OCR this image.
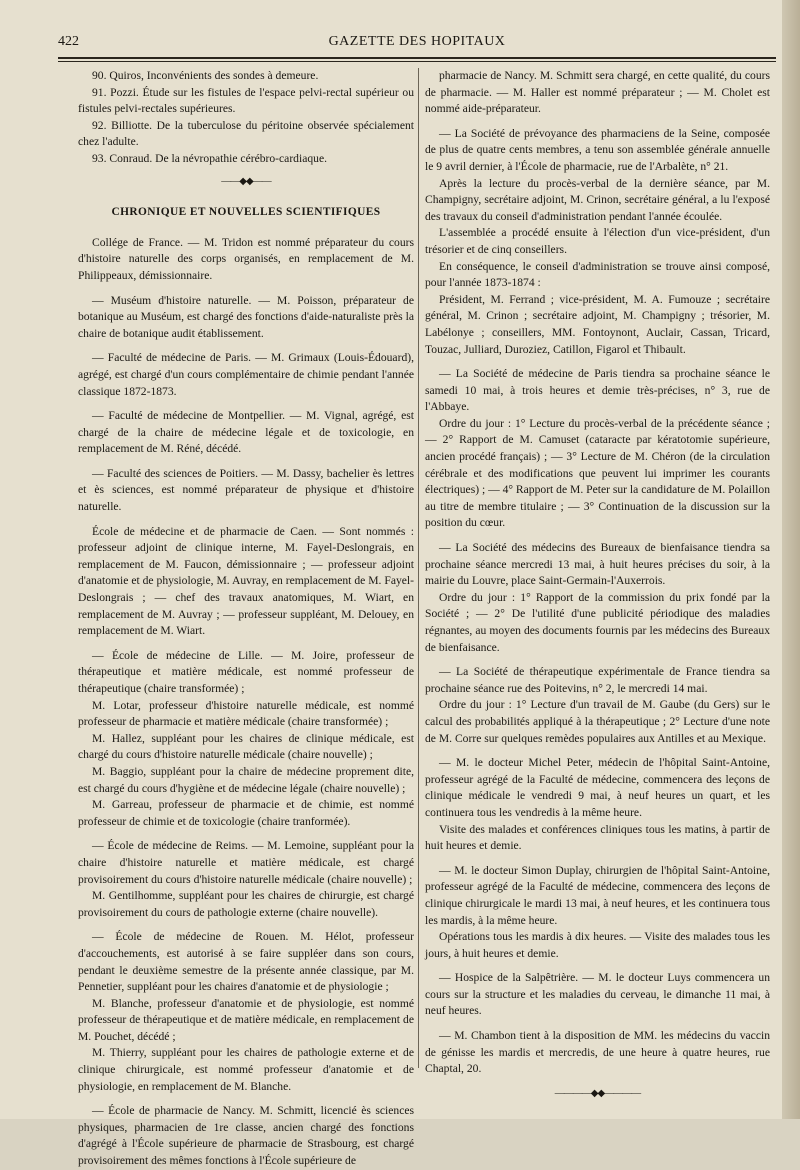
422	GAZETTE DES HOPITAUX

90. Quiros, Inconvénients des sondes à demeure.

91. Pozzi. Étude sur les fistules de l'espace pelvi-rectal supérieur ou fistules pelvi-rectales supérieures.

92. Billiotte. De la tuberculose du péritoine observée spécialement chez l'adulte.

93. Conraud. De la névropathie cérébro-cardiaque.

——◆◆——
CHRONIQUE ET NOUVELLES SCIENTIFIQUES

Collége de France. — M. Tridon est nommé préparateur du cours d'histoire naturelle des corps organisés, en remplacement de M. Philippeaux, démissionnaire.

— Muséum d'histoire naturelle. — M. Poisson, préparateur de botanique au Muséum, est chargé des fonctions d'aide-naturaliste près la chaire de botanique audit établissement.

— Faculté de médecine de Paris. — M. Grimaux (Louis-Édouard), agrégé, est chargé d'un cours complémentaire de chimie pendant l'année classique 1872-1873.

— Faculté de médecine de Montpellier. — M. Vignal, agrégé, est chargé de la chaire de médecine légale et de toxicologie, en remplacement de M. Réné, décédé.

— Faculté des sciences de Poitiers. — M. Dassy, bachelier ès lettres et ès sciences, est nommé préparateur de physique et d'histoire naturelle.

École de médecine et de pharmacie de Caen. — Sont nommés : professeur adjoint de clinique interne, M. Fayel-Deslongrais, en remplacement de M. Faucon, démissionnaire ; — professeur adjoint d'anatomie et de physiologie, M. Auvray, en remplacement de M. Fayel-Deslongrais ; — chef des travaux anatomiques, M. Wiart, en remplacement de M. Auvray ; — professeur suppléant, M. Delouey, en remplacement de M. Wiart.

— École de médecine de Lille. — M. Joire, professeur de thérapeutique et matière médicale, est nommé professeur de thérapeutique (chaire transformée) ;

M. Lotar, professeur d'histoire naturelle médicale, est nommé professeur de pharmacie et matière médicale (chaire transformée) ;

M. Hallez, suppléant pour les chaires de clinique médicale, est chargé du cours d'histoire naturelle médicale (chaire nouvelle) ;

M. Baggio, suppléant pour la chaire de médecine proprement dite, est chargé du cours d'hygiène et de médecine légale (chaire nouvelle) ;

M. Garreau, professeur de pharmacie et de chimie, est nommé professeur de chimie et de toxicologie (chaire tranformée).

— École de médecine de Reims. — M. Lemoine, suppléant pour la chaire d'histoire naturelle et matière médicale, est chargé provisoirement du cours d'histoire naturelle médicale (chaire nouvelle) ;

M. Gentilhomme, suppléant pour les chaires de chirurgie, est chargé provisoirement du cours de pathologie externe (chaire nouvelle).

— École de médecine de Rouen. M. Hélot, professeur d'accouchements, est autorisé à se faire suppléer dans son cours, pendant le deuxième semestre de la présente année classique, par M. Pennetier, suppléant pour les chaires d'anatomie et de physiologie ;

M. Blanche, professeur d'anatomie et de physiologie, est nommé professeur de thérapeutique et de matière médicale, en remplacement de M. Pouchet, décédé ;

M. Thierry, suppléant pour les chaires de pathologie externe et de clinique chirurgicale, est nommé professeur d'anatomie et de physiologie, en remplacement de M. Blanche.

— École de pharmacie de Nancy. M. Schmitt, licencié ès sciences physiques, pharmacien de 1re classe, ancien chargé des fonctions d'agrégé à l'École supérieure de pharmacie de Strasbourg, est chargé provisoirement des mêmes fonctions à l'École supérieure de

pharmacie de Nancy. M. Schmitt sera chargé, en cette qualité, du cours de pharmacie. — M. Haller est nommé préparateur ; — M. Cholet est nommé aide-préparateur.

— La Société de prévoyance des pharmaciens de la Seine, composée de plus de quatre cents membres, a tenu son assemblée générale annuelle le 9 avril dernier, à l'École de pharmacie, rue de l'Arbalète, n° 21.

Après la lecture du procès-verbal de la dernière séance, par M. Champigny, secrétaire adjoint, M. Crinon, secrétaire général, a lu l'exposé des travaux du conseil d'administration pendant l'année écoulée.

L'assemblée a procédé ensuite à l'élection d'un vice-président, d'un trésorier et de cinq conseillers.

En conséquence, le conseil d'administration se trouve ainsi composé, pour l'année 1873-1874 :

Président, M. Ferrand ; vice-président, M. A. Fumouze ; secrétaire général, M. Crinon ; secrétaire adjoint, M. Champigny ; trésorier, M. Labélonye ; conseillers, MM. Fontoynont, Auclair, Cassan, Tricard, Touzac, Julliard, Duroziez, Catillon, Figarol et Thibault.

— La Société de médecine de Paris tiendra sa prochaine séance le samedi 10 mai, à trois heures et demie très-précises, n° 3, rue de l'Abbaye.

Ordre du jour : 1° Lecture du procès-verbal de la précédente séance ; — 2° Rapport de M. Camuset (cataracte par kératotomie supérieure, ancien procédé français) ; — 3° Lecture de M. Chéron (de la circulation cérébrale et des modifications que peuvent lui imprimer les courants électriques) ; — 4° Rapport de M. Peter sur la candidature de M. Polaillon au titre de membre titulaire ; — 3° Continuation de la discussion sur la position du cœur.

— La Société des médecins des Bureaux de bienfaisance tiendra sa prochaine séance mercredi 13 mai, à huit heures précises du soir, à la mairie du Louvre, place Saint-Germain-l'Auxerrois.

Ordre du jour : 1° Rapport de la commission du prix fondé par la Société ; — 2° De l'utilité d'une publicité périodique des maladies régnantes, au moyen des documents fournis par les médecins des Bureaux de bienfaisance.

— La Société de thérapeutique expérimentale de France tiendra sa prochaine séance rue des Poitevins, n° 2, le mercredi 14 mai.

Ordre du jour : 1° Lecture d'un travail de M. Gaube (du Gers) sur le calcul des probabilités appliqué à la thérapeutique ; 2° Lecture d'une note de M. Corre sur quelques remèdes populaires aux Antilles et au Mexique.

— M. le docteur Michel Peter, médecin de l'hôpital Saint-Antoine, professeur agrégé de la Faculté de médecine, commencera des leçons de clinique médicale le vendredi 9 mai, à neuf heures un quart, et les continuera tous les vendredis à la même heure.

Visite des malades et conférences cliniques tous les matins, à partir de huit heures et demie.

— M. le docteur Simon Duplay, chirurgien de l'hôpital Saint-Antoine, professeur agrégé de la Faculté de médecine, commencera des leçons de clinique chirurgicale le mardi 13 mai, à neuf heures, et les continuera tous les mardis, à la même heure.

Opérations tous les mardis à dix heures. — Visite des malades tous les jours, à huit heures et demie.

— Hospice de la Salpêtrière. — M. le docteur Luys commencera un cours sur la structure et les maladies du cerveau, le dimanche 11 mai, à neuf heures.

— M. Chambon tient à la disposition de MM. les médecins du vaccin de génisse les mardis et mercredis, de une heure à quatre heures, rue Chaptal, 20.

————◆◆————
